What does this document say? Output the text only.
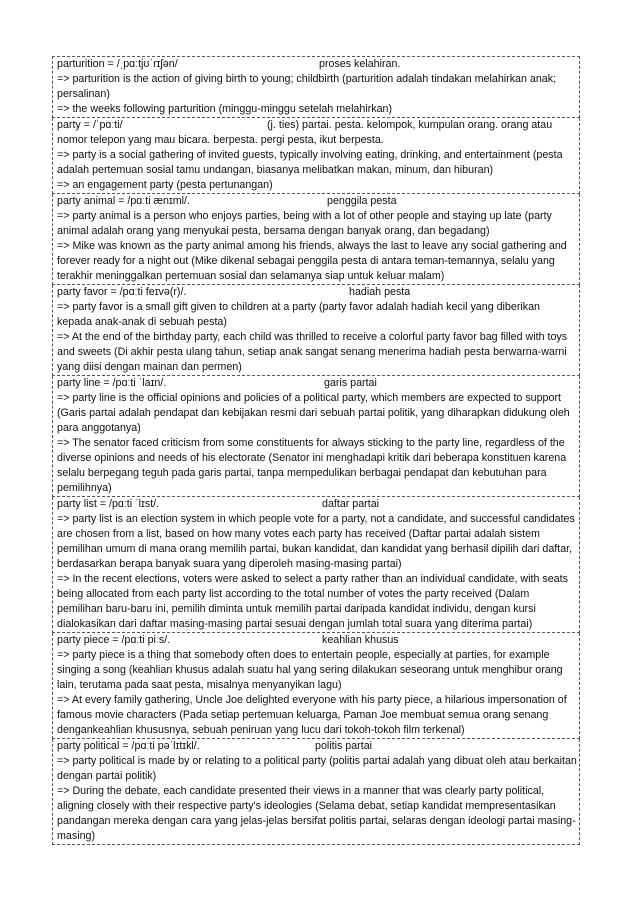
parturition = /ˌpɑːtjʊˈrɪʃən/	proses kelahiran.
=> parturition is the action of giving birth to young; childbirth (parturition adalah tindakan melahirkan anak; persalinan)
=> the weeks following parturition (minggu-minggu setelah melahirkan)
party = /ˈpɑːti/	(j. ties) partai. pesta. kelompok, kumpulan orang. orang atau nomor telepon yang mau bicara. berpesta. pergi pesta, ikut berpesta.
=> party is a social gathering of invited guests, typically involving eating, drinking, and entertainment (pesta adalah pertemuan sosial tamu undangan, biasanya melibatkan makan, minum, dan hiburan)
=> an engagement party (pesta pertunangan)
party animal = /pɑːti ænɪml/.	penggila pesta
=> party animal is a person who enjoys parties, being with a lot of other people and staying up late (party animal adalah orang yang menyukai pesta, bersama dengan banyak orang, dan begadang)
=> Mike was known as the party animal among his friends, always the last to leave any social gathering and forever ready for a night out (Mike dikenal sebagai penggila pesta di antara teman-temannya, selalu yang terakhir meninggalkan pertemuan sosial dan selamanya siap untuk keluar malam)
party favor = /pɑːti feɪvə(r)/.	hadiah pesta
=> party favor is a small gift given to children at a party (party favor adalah hadiah kecil yang diberikan kepada anak-anak di sebuah pesta)
=> At the end of the birthday party, each child was thrilled to receive a colorful party favor bag filled with toys and sweets (Di akhir pesta ulang tahun, setiap anak sangat senang menerima hadiah pesta berwarna-warni yang diisi dengan mainan dan permen)
party line = /pɑːti ˈlaɪn/.	garis partai
=> party line is the official opinions and policies of a political party, which members are expected to support (Garis partai adalah pendapat dan kebijakan resmi dari sebuah partai politik, yang diharapkan didukung oleh para anggotanya)
=> The senator faced criticism from some constituents for always sticking to the party line, regardless of the diverse opinions and needs of his electorate (Senator ini menghadapi kritik dari beberapa konstituen karena selalu berpegang teguh pada garis partai, tanpa mempedulikan berbagai pendapat dan kebutuhan para pemilihnya)
party list = /pɑːti ˈlɪst/.	daftar partai
=> party list is an election system in which people vote for a party, not a candidate, and successful candidates are chosen from a list, based on how many votes each party has received (Daftar partai adalah sistem pemilihan umum di mana orang memilih partai, bukan kandidat, dan kandidat yang berhasil dipilih dari daftar, berdasarkan berapa banyak suara yang diperoleh masing-masing partai)
=> In the recent elections, voters were asked to select a party rather than an individual candidate, with seats being allocated from each party list according to the total number of votes the party received (Dalam pemilihan baru-baru ini, pemilih diminta untuk memilih partai daripada kandidat individu, dengan kursi dialokasikan dari daftar masing-masing partai sesuai dengan jumlah total suara yang diterima partai)
party piece = /pɑːti piːs/.	keahlian khusus
=> party piece is a thing that somebody often does to entertain people, especially at parties, for example singing a song (keahlian khusus adalah suatu hal yang sering dilakukan seseorang untuk menghibur orang lain, terutama pada saat pesta, misalnya menyanyikan lagu)
=> At every family gathering, Uncle Joe delighted everyone with his party piece, a hilarious impersonation of famous movie characters (Pada setiap pertemuan keluarga, Paman Joe membuat semua orang senang dengankeahlian khususnya, sebuah peniruan yang lucu dari tokoh-tokoh film terkenal)
party political = /pɑːti pəˈlɪtɪkl/.	politis partai
=> party political is made by or relating to a political party (politis partai adalah yang dibuat oleh atau berkaitan dengan partai politik)
=> During the debate, each candidate presented their views in a manner that was clearly party political, aligning closely with their respective party's ideologies (Selama debat, setiap kandidat mempresentasikan pandangan mereka dengan cara yang jelas-jelas bersifat politis partai, selaras dengan ideologi partai masing-masing)
